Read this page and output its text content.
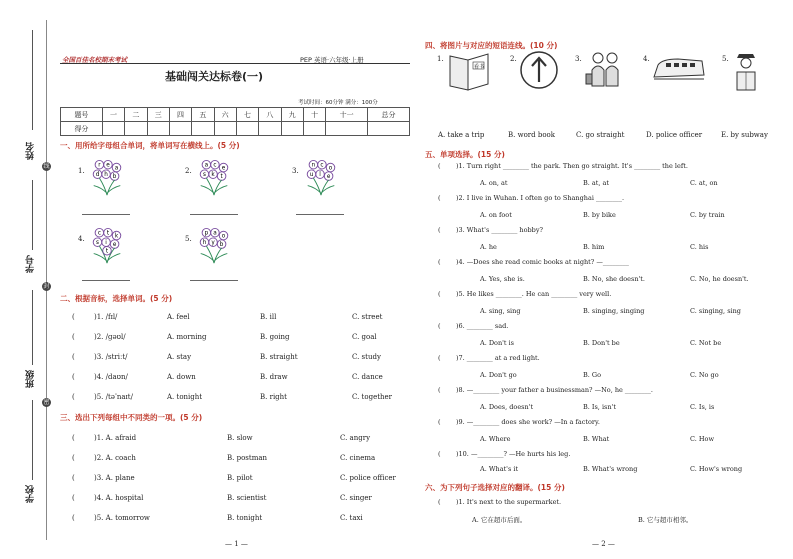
姓名
学号
班级
学校
线
封
密
全国百佳名校期末考试	PEP 英语·六年级·上册
基础闯关达标卷(一)
考试时间：60分钟 满分：100分
题号	一	二	三	四	五	六	七	八	九	十	十一	总分
得分												
一、用所给字母组合单词，将单词写在横线上。(5 分)
1.
r e a
d h b
2.
a c e
s k t
3.
n c o
u l e
4.
c t k
s i e
t
5.
p a o
h y b
二、根据音标，选择单词。(5 分)
(	)1. /fɪl/	A. feel	B. ill	C. street
(	)2. /ɡəʊl/	A. morning	B. going	C. goal
(	)3. /striːt/	A. stay	B. straight	C. study
(	)4. /daʊn/	A. down	B. draw	C. dance
(	)5. /təˈnaɪt/	A. tonight	B. right	C. together
三、选出下列每组中不同类的一项。(5 分)
(	)1. A. afraid	B. slow	C. angry
(	)2. A. coach	B. postman	C. cinema
(	)3. A. plane	B. pilot	C. police officer
(	)4. A. hospital	B. scientist	C. singer
(	)5. A. tomorrow	B. tonight	C. taxi
— 1 —
四、将图片与对应的短语连线。(10 分)
1.
看书
2.	3.	4.	5.
A. take a trip	B. word book	C. go straight	D. police officer	E. by subway
五、单项选择。(15 分)
( )1. Turn right ________ the park. Then go straight. It's ________ the left.
A. on, at	B. at, at	C. at, on
( )2. I live in Wuhan. I often go to Shanghai ________.
A. on foot	B. by bike	C. by train
( )3. What's ________ hobby?
A. he	B. him	C. his
( )4. —Does she read comic books at night? —________
A. Yes, she is.	B. No, she doesn't.	C. No, he doesn't.
( )5. He likes ________. He can ________ very well.
A. sing, sing	B. singing, singing	C. singing, sing
( )6. ________ sad.
A. Don't is	B. Don't be	C. Not be
( )7. ________ at a red light.
A. Don't go	B. Go	C. No go
( )8. —________ your father a businessman? —No, he ________.
A. Does, doesn't	B. Is, isn't	C. Is, is
( )9. —________ does she work? —In a factory.
A. Where	B. What	C. How
( )10. —________? —He hurts his leg.
A. What's it	B. What's wrong	C. How's wrong
六、为下列句子选择对应的翻译。(15 分)
( )1. It's next to the supermarket.
A. 它在超市后面。	B. 它与超市相邻。
— 2 —
